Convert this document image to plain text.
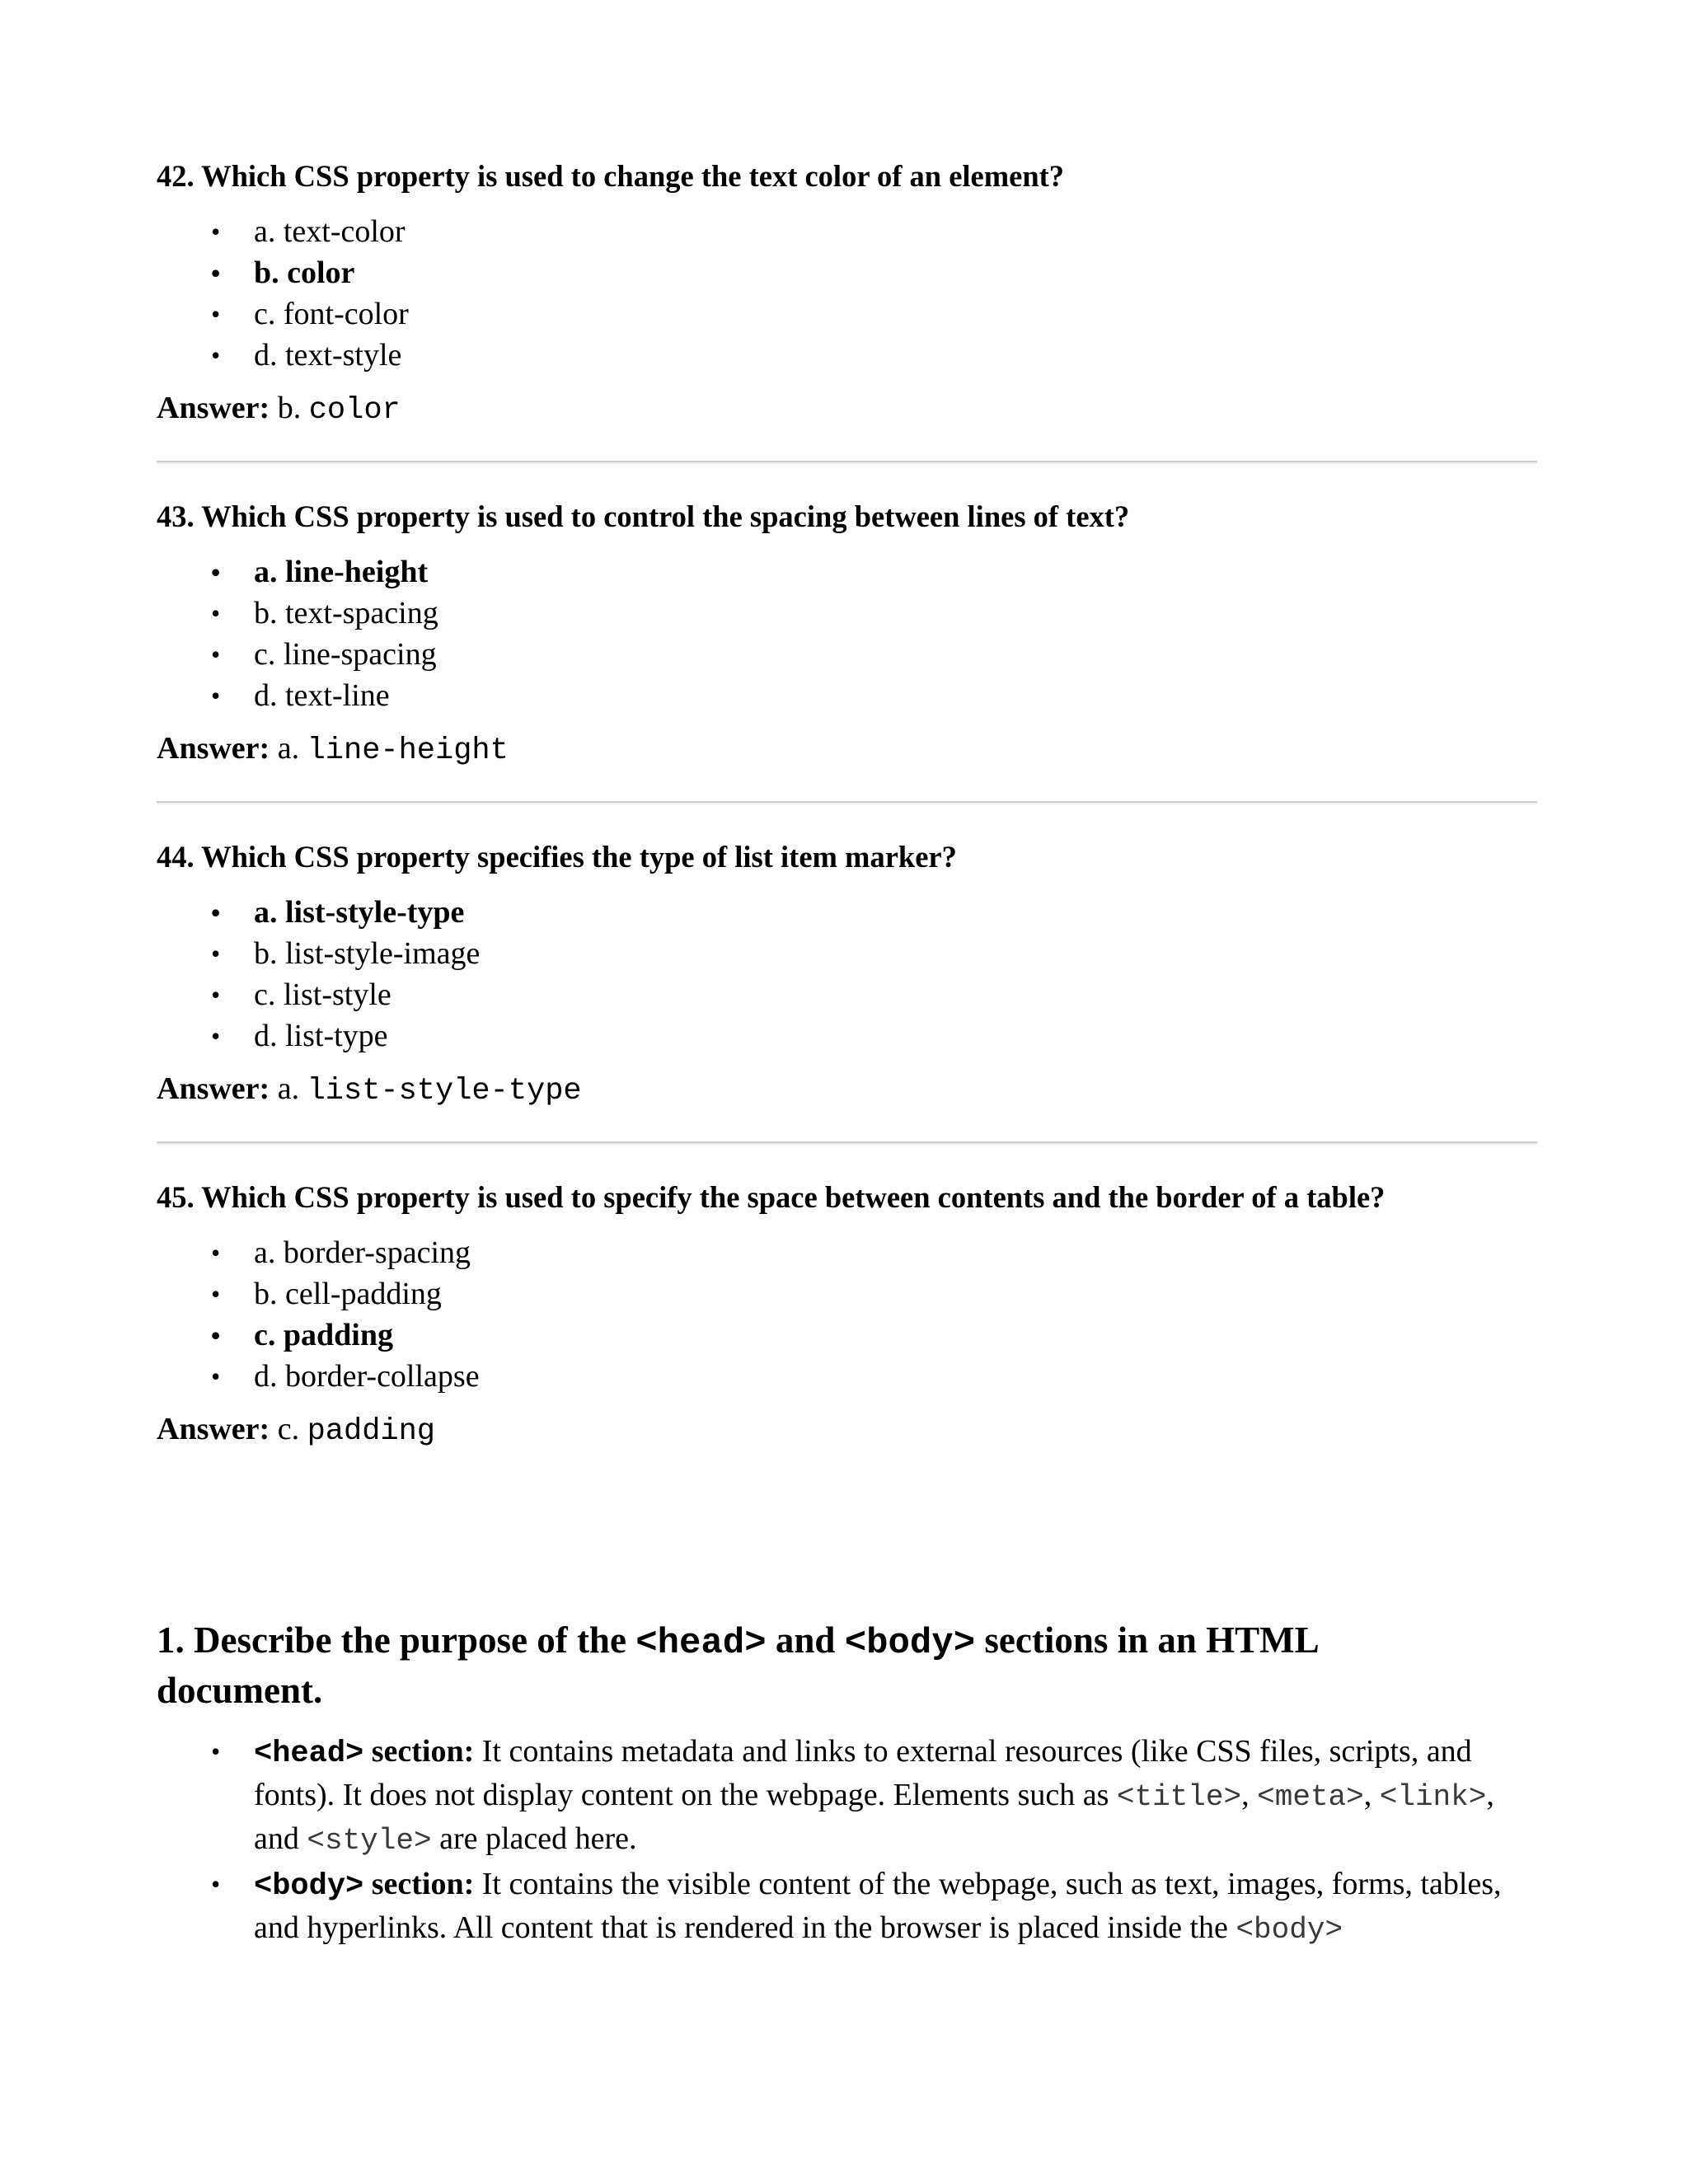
42. Which CSS property is used to change the text color of an element?

• a. text-color
• b. color
• c. font-color
• d. text-style
Answer: b. color

43. Which CSS property is used to control the spacing between lines of text?

• a. line-height
• b. text-spacing
• c. line-spacing
• d. text-line
Answer: a. line-height

44. Which CSS property specifies the type of list item marker?

• a. list-style-type
• b. list-style-image
• c. list-style
• d. list-type
Answer: a. list-style-type

45. Which CSS property is used to specify the space between contents and the border of a table?

• a. border-spacing
• b. cell-padding
• c. padding
• d. border-collapse
Answer: c. padding
1. Describe the purpose of the <head> and <body> sections in an HTML document.
• <head> section: It contains metadata and links to external resources (like CSS files, scripts, and fonts). It does not display content on the webpage. Elements such as <title>, <meta>, <link>, and <style> are placed here.
• <body> section: It contains the visible content of the webpage, such as text, images, forms, tables, and hyperlinks. All content that is rendered in the browser is placed inside the <body>
